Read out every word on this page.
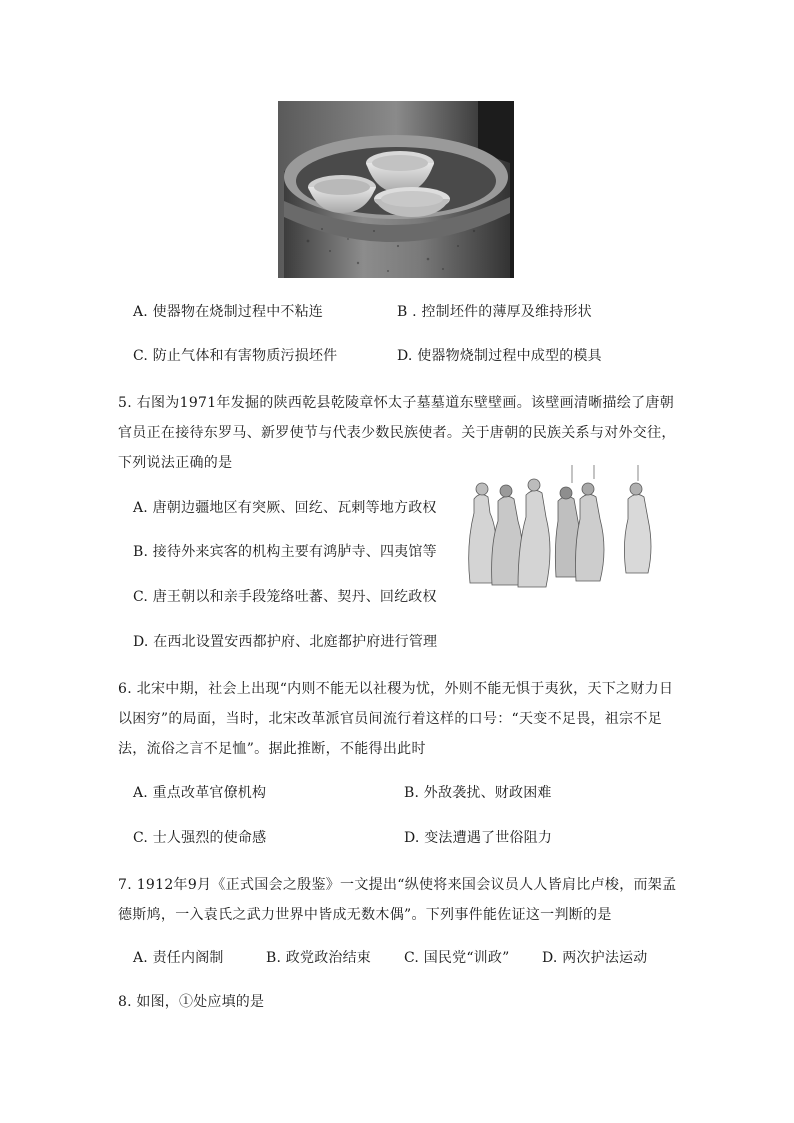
A. 使器物在烧制过程中不粘连	B . 控制坯件的薄厚及维持形状
C. 防止气体和有害物质污损坯件	D. 使器物烧制过程中成型的模具
5. 右图为1971年发掘的陕西乾县乾陵章怀太子墓墓道东壁壁画。该壁画清晰描绘了唐朝官员正在接待东罗马、新罗使节与代表少数民族使者。关于唐朝的民族关系与对外交往，下列说法正确的是
A. 唐朝边疆地区有突厥、回纥、瓦剌等地方政权
B. 接待外来宾客的机构主要有鸿胪寺、四夷馆等
C. 唐王朝以和亲手段笼络吐蕃、契丹、回纥政权
D. 在西北设置安西都护府、北庭都护府进行管理
6. 北宋中期，社会上出现“内则不能无以社稷为忧，外则不能无惧于夷狄，天下之财力日以困穷”的局面，当时，北宋改革派官员间流行着这样的口号：“天变不足畏，祖宗不足法，流俗之言不足恤”。据此推断，不能得出此时
A. 重点改革官僚机构	B. 外敌袭扰、财政困难
C. 士人强烈的使命感	D. 变法遭遇了世俗阻力
7. 1912年9月《正式国会之殷鉴》一文提出“纵使将来国会议员人人皆肩比卢梭，而架孟德斯鸠，一入袁氏之武力世界中皆成无数木偶”。下列事件能佐证这一判断的是
A. 责任内阁制	B. 政党政治结束 C. 国民党“训政” D. 两次护法运动
8. 如图，①处应填的是
